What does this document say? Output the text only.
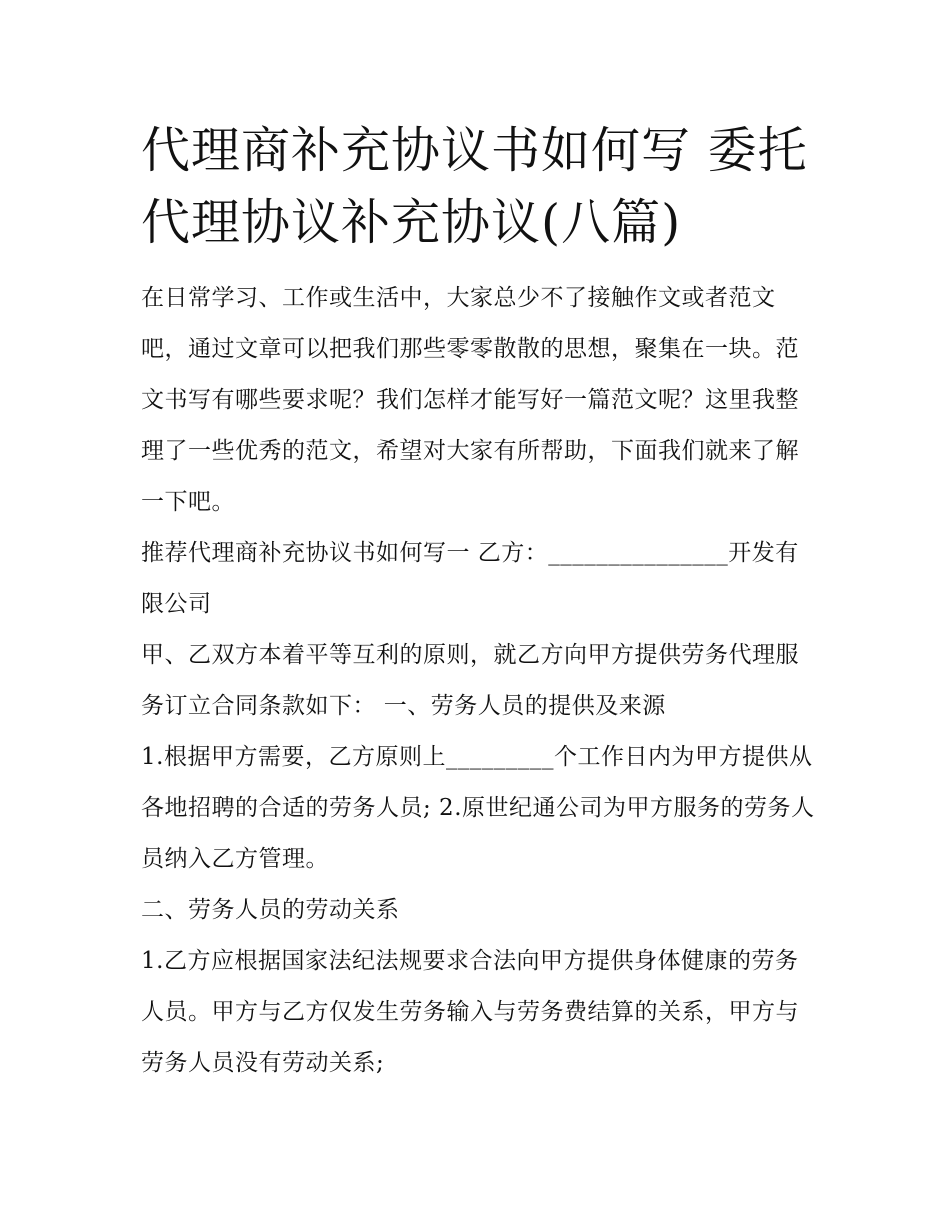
代理商补充协议书如何写 委托代理协议补充协议(八篇)

在日常学习、工作或生活中，大家总少不了接触作文或者范文吧，通过文章可以把我们那些零零散散的思想，聚集在一块。范文书写有哪些要求呢？我们怎样才能写好一篇范文呢？这里我整理了一些优秀的范文，希望对大家有所帮助，下面我们就来了解一下吧。

推荐代理商补充协议书如何写一 乙方：_______________开发有限公司

甲、乙双方本着平等互利的原则，就乙方向甲方提供劳务代理服务订立合同条款如下： 一、劳务人员的提供及来源

1.根据甲方需要，乙方原则上_________个工作日内为甲方提供从各地招聘的合适的劳务人员; 2.原世纪通公司为甲方服务的劳务人员纳入乙方管理。

二、劳务人员的劳动关系

1.乙方应根据国家法纪法规要求合法向甲方提供身体健康的劳务人员。甲方与乙方仅发生劳务输入与劳务费结算的关系，甲方与劳务人员没有劳动关系;
